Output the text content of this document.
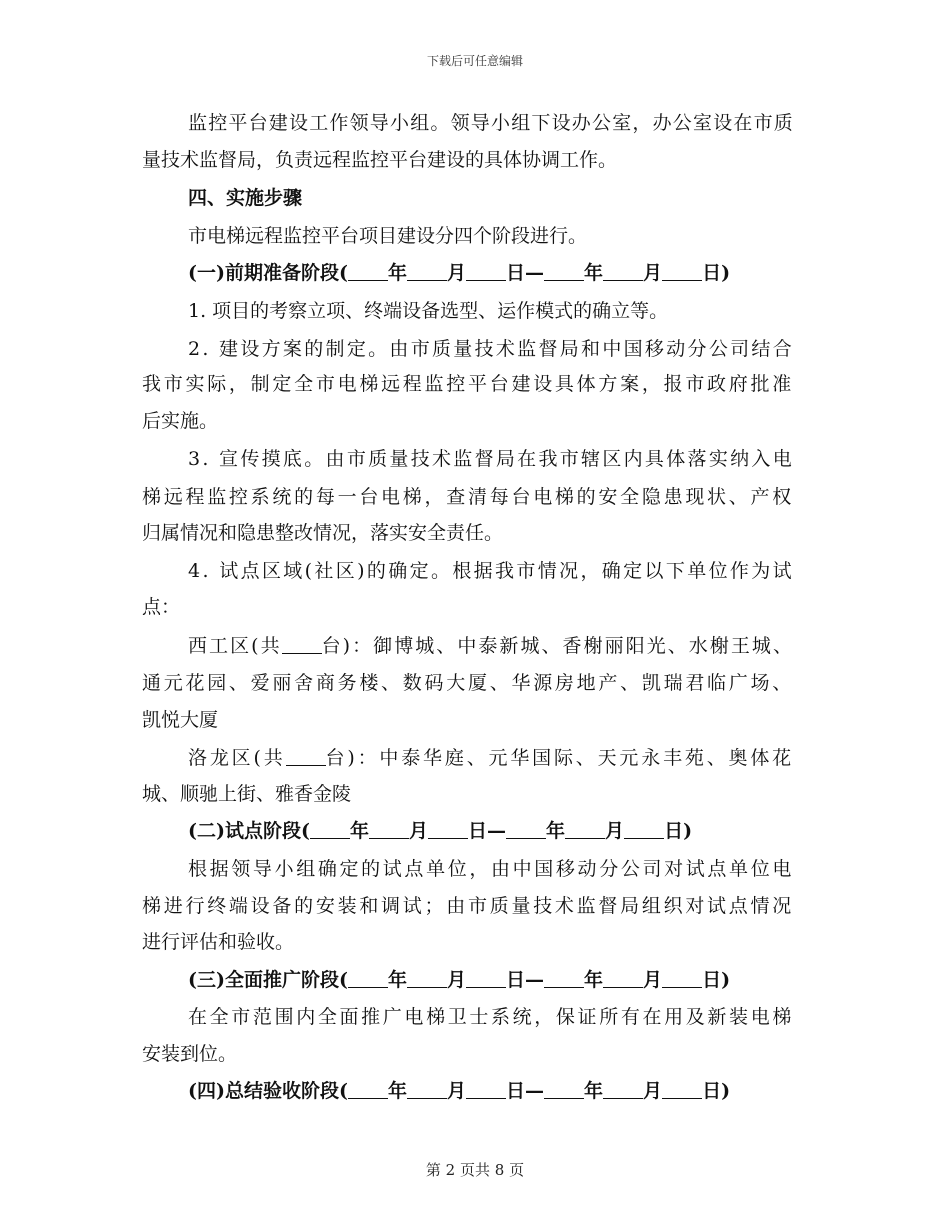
下载后可任意编辑
监控平台建设工作领导小组。领导小组下设办公室，办公室设在市质
量技术监督局，负责远程监控平台建设的具体协调工作。
四、实施步骤
市电梯远程监控平台项目建设分四个阶段进行。
(一)前期准备阶段( 年 月 日— 年 月 日)
1. 项目的考察立项、终端设备选型、运作模式的确立等。
2. 建设方案的制定。由市质量技术监督局和中国移动分公司结合
我市实际，制定全市电梯远程监控平台建设具体方案，报市政府批准
后实施。
3. 宣传摸底。由市质量技术监督局在我市辖区内具体落实纳入电
梯远程监控系统的每一台电梯，查清每台电梯的安全隐患现状、产权
归属情况和隐患整改情况，落实安全责任。
4. 试点区域(社区)的确定。根据我市情况，确定以下单位作为试
点：
西工区(共 台)：御博城、中泰新城、香榭丽阳光、水榭王城、
通元花园、爱丽舍商务楼、数码大厦、华源房地产、凯瑞君临广场、
凯悦大厦
洛龙区(共 台)：中泰华庭、元华国际、天元永丰苑、奥体花
城、顺驰上街、雅香金陵
(二)试点阶段( 年 月 日— 年 月 日)
根据领导小组确定的试点单位，由中国移动分公司对试点单位电
梯进行终端设备的安装和调试；由市质量技术监督局组织对试点情况
进行评估和验收。
(三)全面推广阶段( 年 月 日— 年 月 日)
在全市范围内全面推广电梯卫士系统，保证所有在用及新装电梯
安装到位。
(四)总结验收阶段( 年 月 日— 年 月 日)
第 2 页共 8 页
